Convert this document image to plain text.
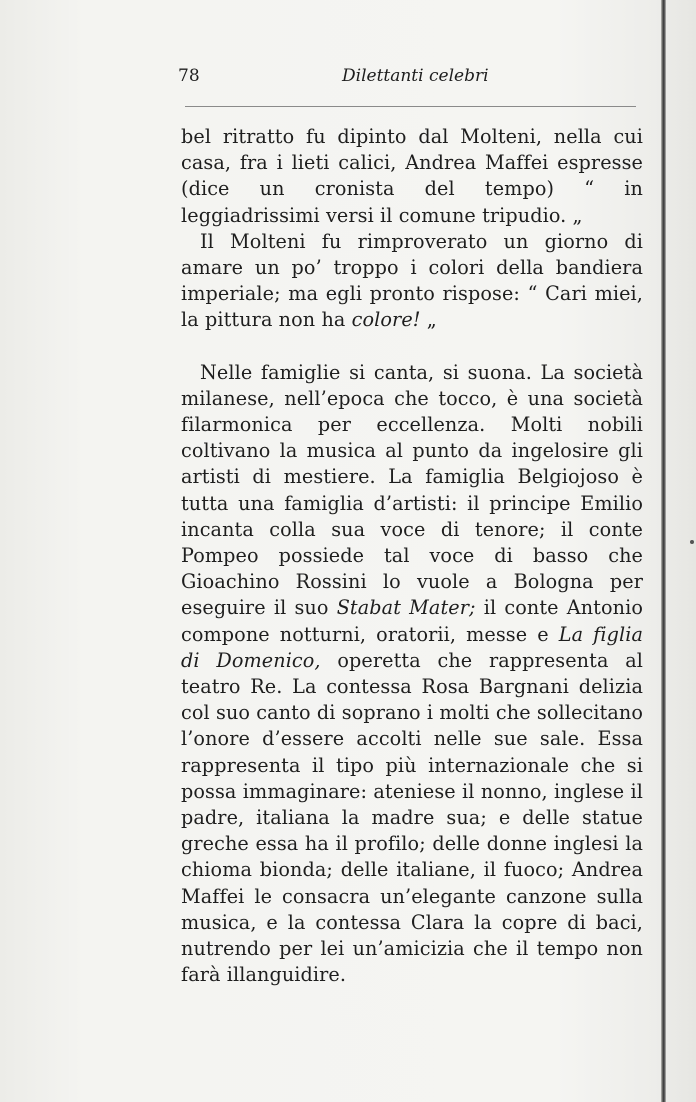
78	Dilettanti celebri

bel ritratto fu dipinto dal Molteni, nella cui casa, fra i lieti calici, Andrea Maffei espresse (dice un cronista del tempo) “ in leggiadrissimi versi il comune tripudio. „

Il Molteni fu rimproverato un giorno di amare un po’ troppo i colori della bandiera imperiale; ma egli pronto rispose: “ Cari miei, la pittura non ha colore! „

Nelle famiglie si canta, si suona. La società milanese, nell’epoca che tocco, è una società filarmonica per eccellenza. Molti nobili coltivano la musica al punto da ingelosire gli artisti di mestiere. La famiglia Belgiojoso è tutta una famiglia d’artisti: il principe Emilio incanta colla sua voce di tenore; il conte Pompeo possiede tal voce di basso che Gioachino Rossini lo vuole a Bologna per eseguire il suo Stabat Mater; il conte Antonio compone notturni, oratorii, messe e La figlia di Domenico, operetta che rappresenta al teatro Re. La contessa Rosa Bargnani delizia col suo canto di soprano i molti che sollecitano l’onore d’essere accolti nelle sue sale. Essa rappresenta il tipo più internazionale che si possa immaginare: ateniese il nonno, inglese il padre, italiana la madre sua; e delle statue greche essa ha il profilo; delle donne inglesi la chioma bionda; delle italiane, il fuoco; Andrea Maffei le consacra un’elegante canzone sulla musica, e la contessa Clara la copre di baci, nutrendo per lei un’amicizia che il tempo non farà illanguidire.
